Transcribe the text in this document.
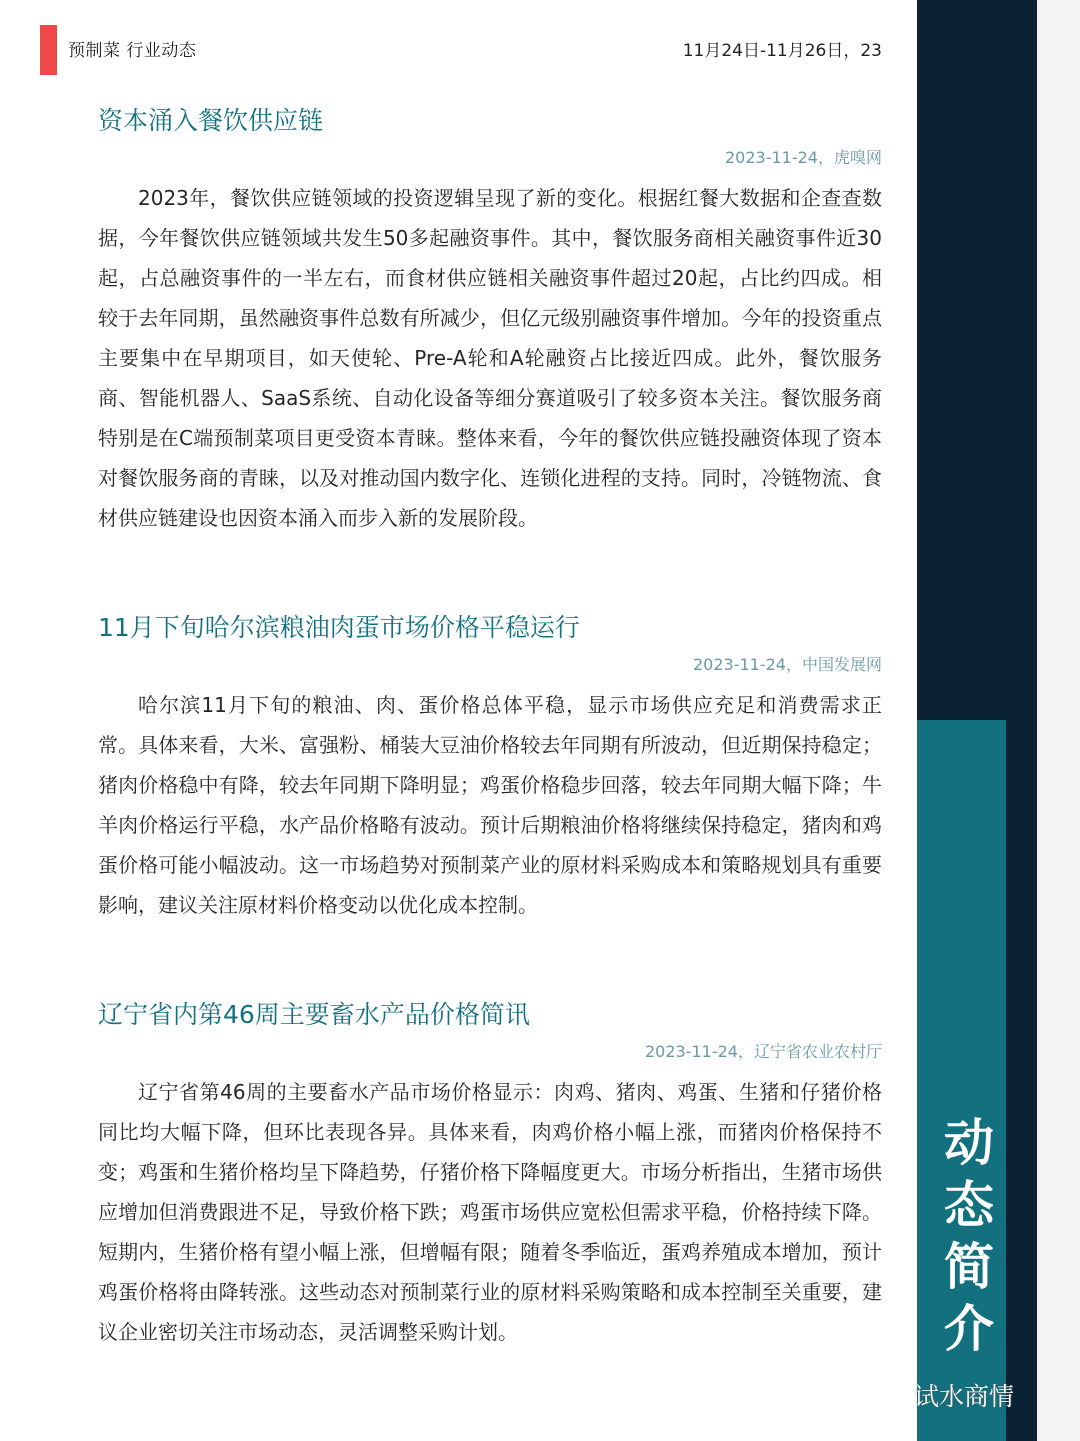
预制菜 行业动态	11月24日-11月26日，23
动
态
简
介
试水商情
资本涌入餐饮供应链
2023-11-24，虎嗅网
2023年，餐饮供应链领域的投资逻辑呈现了新的变化。根据红餐大数据和企查查数据，今年餐饮供应链领域共发生50多起融资事件。其中，餐饮服务商相关融资事件近30起，占总融资事件的一半左右，而食材供应链相关融资事件超过20起，占比约四成。相较于去年同期，虽然融资事件总数有所减少，但亿元级别融资事件增加。今年的投资重点主要集中在早期项目，如天使轮、Pre-A轮和A轮融资占比接近四成。此外，餐饮服务商、智能机器人、SaaS系统、自动化设备等细分赛道吸引了较多资本关注。餐饮服务商特别是在C端预制菜项目更受资本青睐。整体来看，今年的餐饮供应链投融资体现了资本对餐饮服务商的青睐，以及对推动国内数字化、连锁化进程的支持。同时，冷链物流、食材供应链建设也因资本涌入而步入新的发展阶段。
11月下旬哈尔滨粮油肉蛋市场价格平稳运行
2023-11-24，中国发展网
哈尔滨11月下旬的粮油、肉、蛋价格总体平稳，显示市场供应充足和消费需求正常。具体来看，大米、富强粉、桶装大豆油价格较去年同期有所波动，但近期保持稳定；猪肉价格稳中有降，较去年同期下降明显；鸡蛋价格稳步回落，较去年同期大幅下降；牛羊肉价格运行平稳，水产品价格略有波动。预计后期粮油价格将继续保持稳定，猪肉和鸡蛋价格可能小幅波动。这一市场趋势对预制菜产业的原材料采购成本和策略规划具有重要影响，建议关注原材料价格变动以优化成本控制。
辽宁省内第46周主要畜水产品价格简讯
2023-11-24，辽宁省农业农村厅
辽宁省第46周的主要畜水产品市场价格显示：肉鸡、猪肉、鸡蛋、生猪和仔猪价格同比均大幅下降，但环比表现各异。具体来看，肉鸡价格小幅上涨，而猪肉价格保持不变；鸡蛋和生猪价格均呈下降趋势，仔猪价格下降幅度更大。市场分析指出，生猪市场供应增加但消费跟进不足，导致价格下跌；鸡蛋市场供应宽松但需求平稳，价格持续下降。短期内，生猪价格有望小幅上涨，但增幅有限；随着冬季临近，蛋鸡养殖成本增加，预计鸡蛋价格将由降转涨。这些动态对预制菜行业的原材料采购策略和成本控制至关重要，建议企业密切关注市场动态，灵活调整采购计划。
